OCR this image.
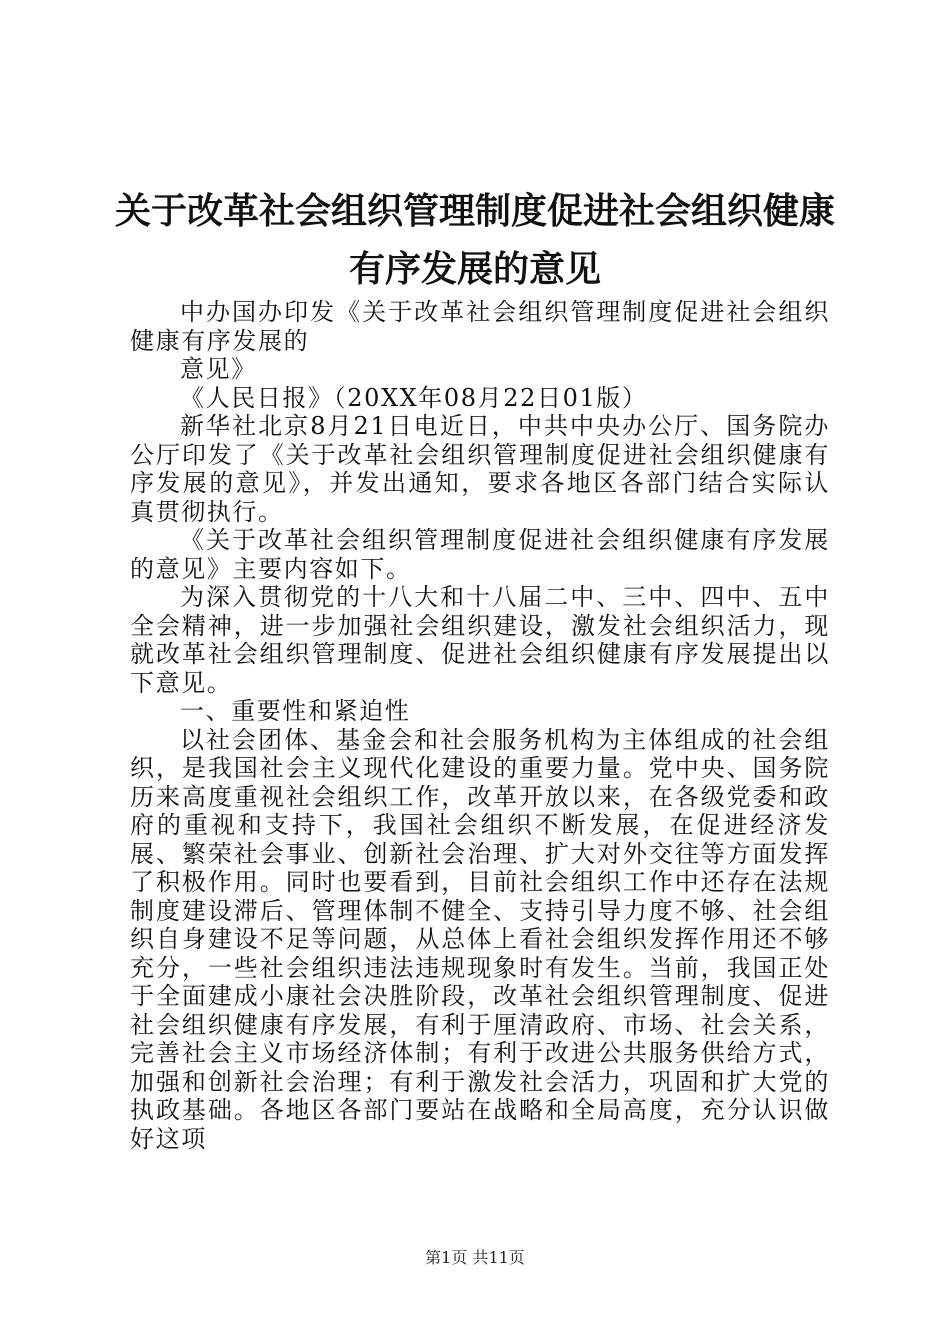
关于改革社会组织管理制度促进社会组织健康
有序发展的意见

中办国办印发《关于改革社会组织管理制度促进社会组织健康有序发展的

意见》

《人民日报》（20XX年08月22日01版）

新华社北京8月21日电近日，中共中央办公厅、国务院办公厅印发了《关于改革社会组织管理制度促进社会组织健康有序发展的意见》，并发出通知，要求各地区各部门结合实际认真贯彻执行。

《关于改革社会组织管理制度促进社会组织健康有序发展的意见》主要内容如下。

为深入贯彻党的十八大和十八届二中、三中、四中、五中全会精神，进一步加强社会组织建设，激发社会组织活力，现就改革社会组织管理制度、促进社会组织健康有序发展提出以下意见。

一、重要性和紧迫性

以社会团体、基金会和社会服务机构为主体组成的社会组织，是我国社会主义现代化建设的重要力量。党中央、国务院历来高度重视社会组织工作，改革开放以来，在各级党委和政府的重视和支持下，我国社会组织不断发展，在促进经济发展、繁荣社会事业、创新社会治理、扩大对外交往等方面发挥了积极作用。同时也要看到，目前社会组织工作中还存在法规制度建设滞后、管理体制不健全、支持引导力度不够、社会组织自身建设不足等问题，从总体上看社会组织发挥作用还不够充分，一些社会组织违法违规现象时有发生。当前，我国正处于全面建成小康社会决胜阶段，改革社会组织管理制度、促进社会组织健康有序发展，有利于厘清政府、市场、社会关系，完善社会主义市场经济体制；有利于改进公共服务供给方式，加强和创新社会治理；有利于激发社会活力，巩固和扩大党的执政基础。各地区各部门要站在战略和全局高度，充分认识做好这项

第1页 共11页
